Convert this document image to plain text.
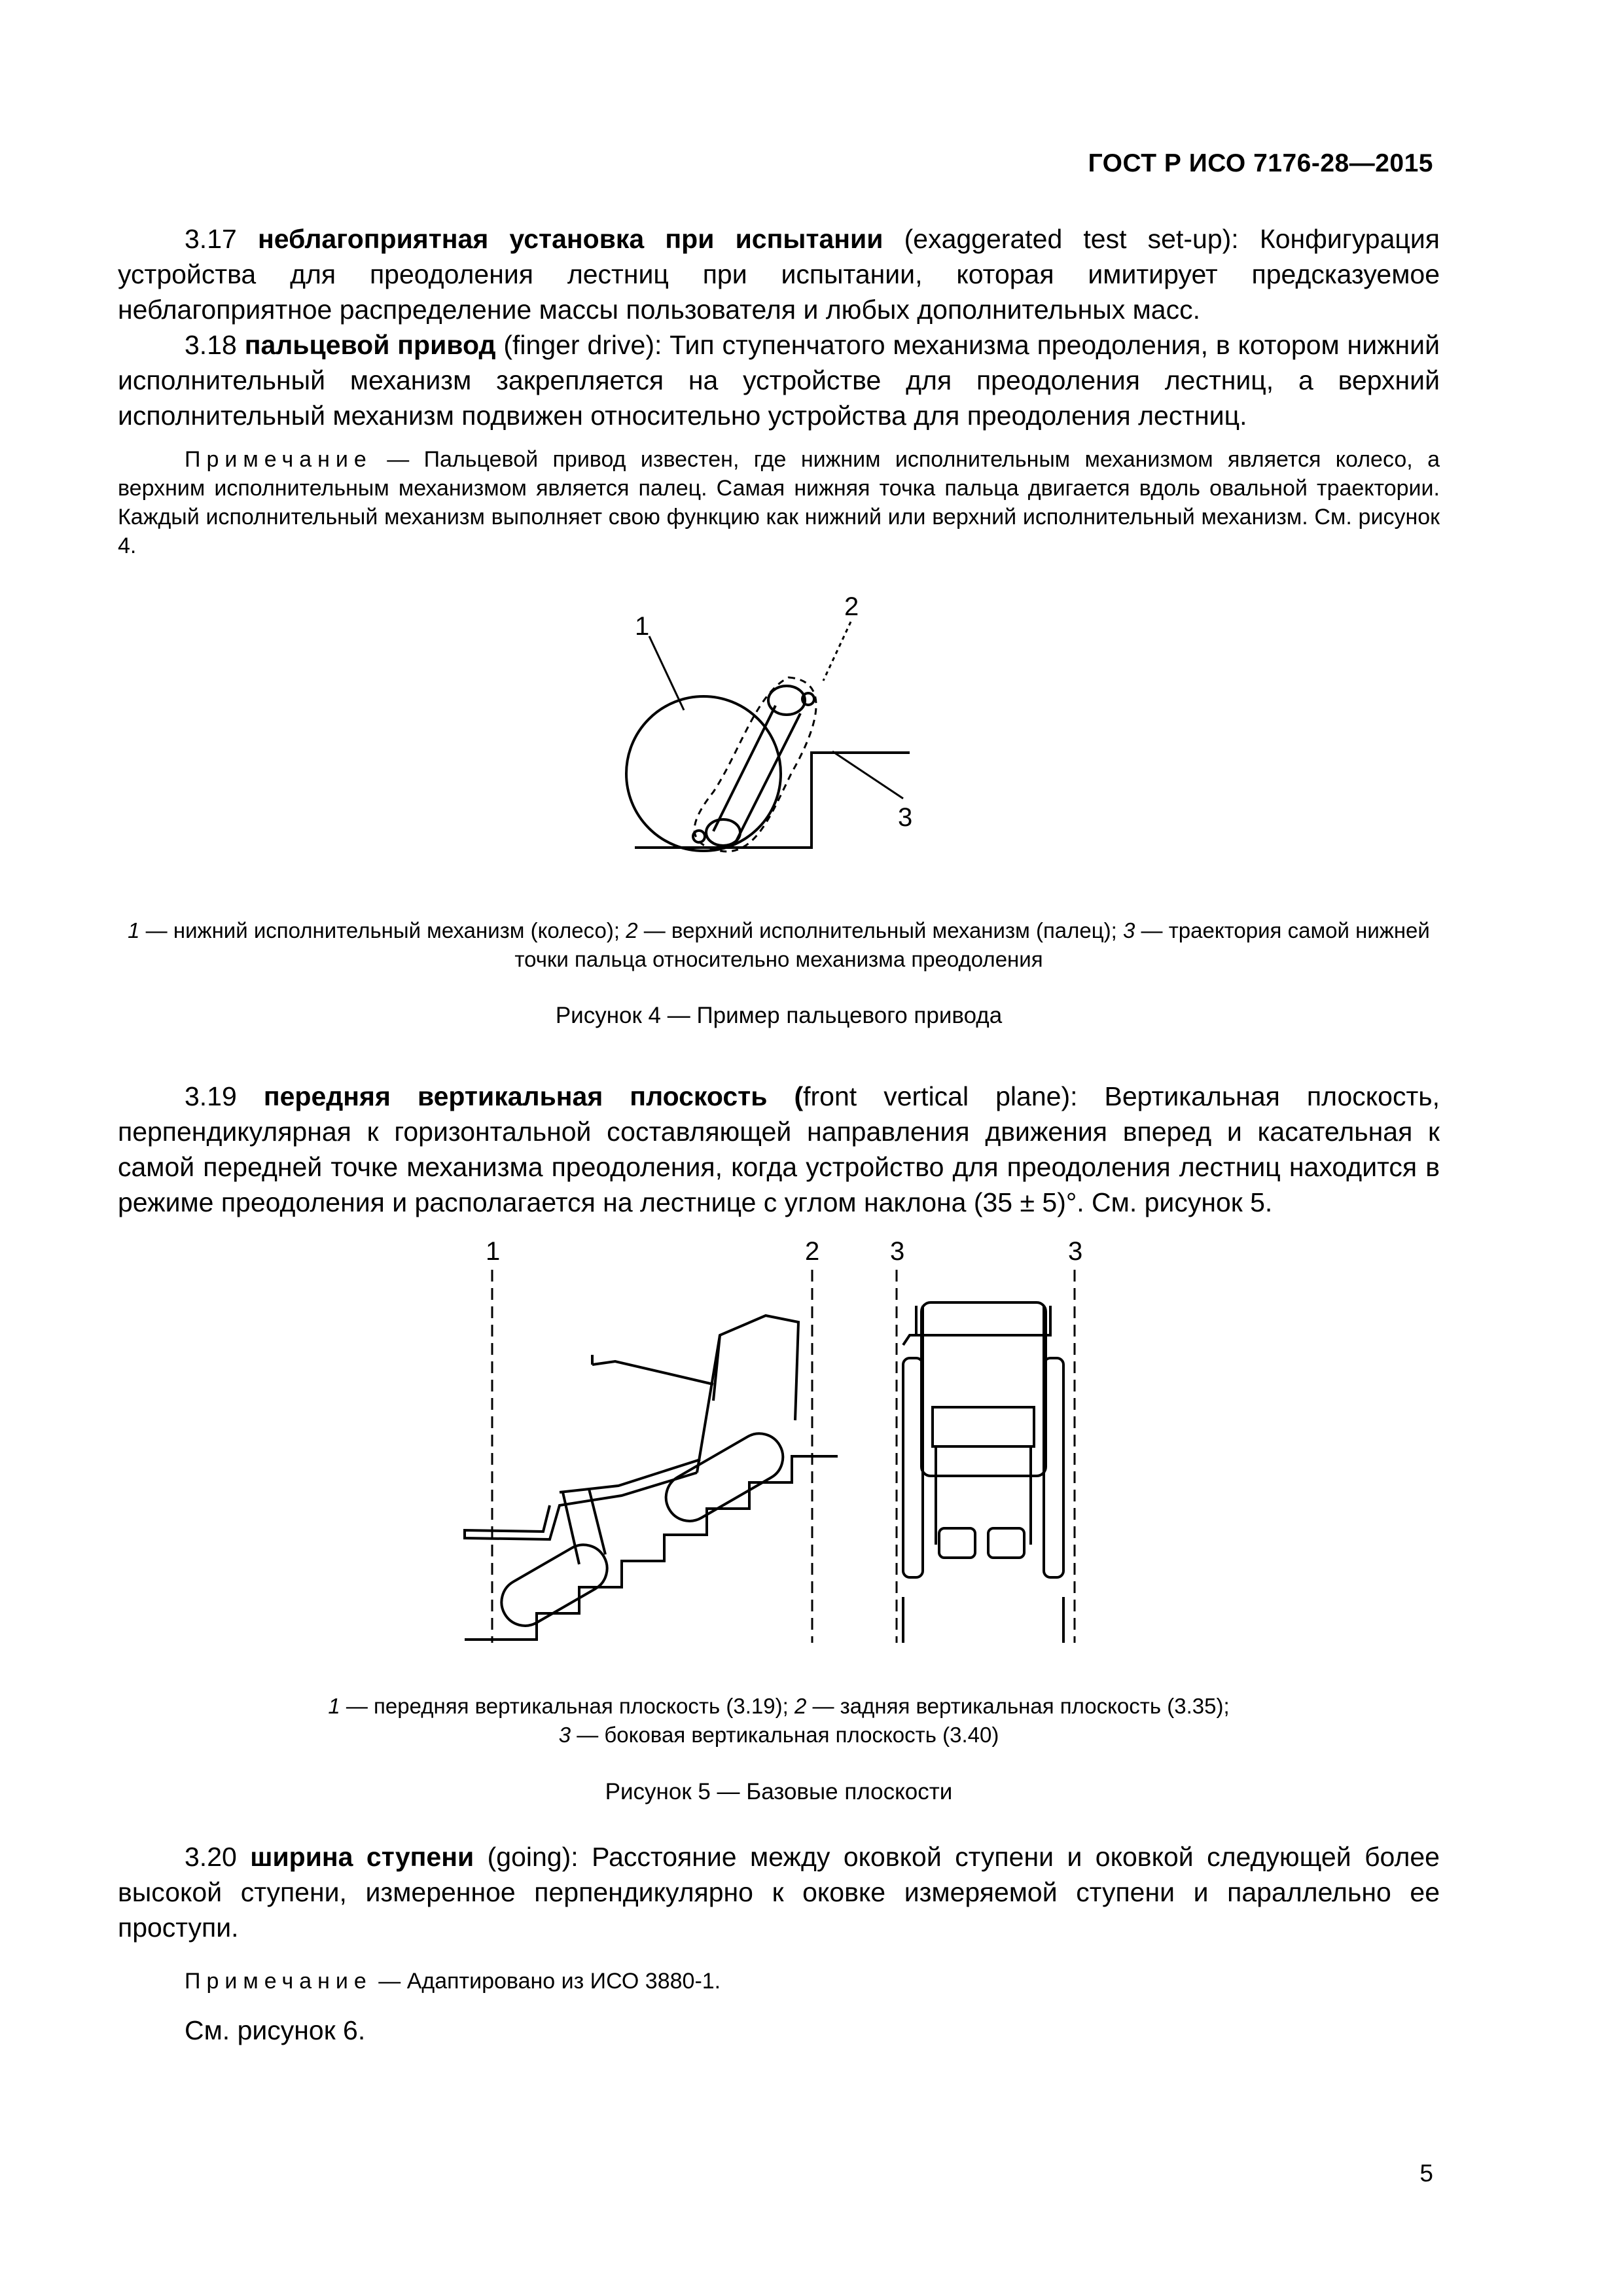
ГОСТ Р ИСО 7176-28—2015
3.17 неблагоприятная установка при испытании (exaggerated test set-up): Конфигурация устройства для преодоления лестниц при испытании, которая имитирует предсказуемое неблагоприятное распределение массы пользователя и любых дополнительных масс.
3.18 пальцевой привод (finger drive): Тип ступенчатого механизма преодоления, в котором нижний исполнительный механизм закрепляется на устройстве для преодоления лестниц, а верхний исполнительный механизм подвижен относительно устройства для преодоления лестниц.
Примечание — Пальцевой привод известен, где нижним исполнительным механизмом является колесо, а верхним исполнительным механизмом является палец. Самая нижняя точка пальца двигается вдоль овальной траектории. Каждый исполнительный механизм выполняет свою функцию как нижний или верхний исполнительный механизм. См. рисунок 4.
1
2
3
1 — нижний исполнительный механизм (колесо); 2 — верхний исполнительный механизм (палец); 3 — траектория самой нижней точки пальца относительно механизма преодоления
Рисунок 4 — Пример пальцевого привода
3.19 передняя вертикальная плоскость (front vertical plane): Вертикальная плоскость, перпендикулярная к горизонтальной составляющей направления движения вперед и касательная к самой передней точке механизма преодоления, когда устройство для преодоления лестниц находится в режиме преодоления и располагается на лестнице с углом наклона (35 ± 5)°. См. рисунок 5.
1	2	3	3
1 — передняя вертикальная плоскость (3.19); 2 — задняя вертикальная плоскость (3.35);
3 — боковая вертикальная плоскость (3.40)
Рисунок 5 — Базовые плоскости
3.20 ширина ступени (going): Расстояние между оковкой ступени и оковкой следующей более высокой ступени, измеренное перпендикулярно к оковке измеряемой ступени и параллельно ее проступи.
Примечание — Адаптировано из ИСО 3880-1.
См. рисунок 6.
5
